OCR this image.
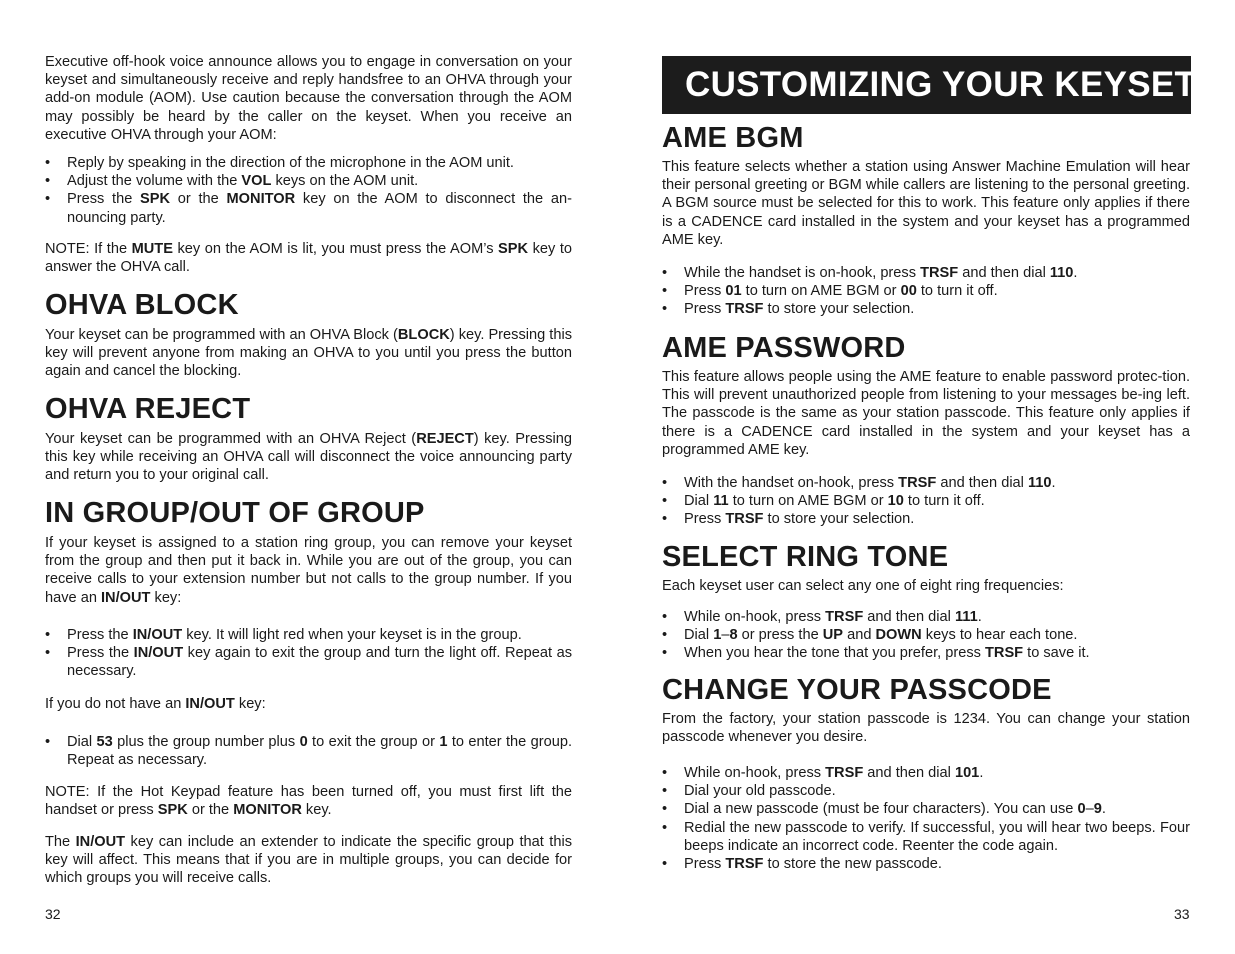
Executive off-hook voice announce allows you to engage in conversation on your keyset and simultaneously receive and reply handsfree to an OHVA through your add-on module (AOM). Use caution because the conversation through the AOM may possibly be heard by the caller on the keyset. When you receive an executive OHVA through your AOM:

• Reply by speaking in the direction of the microphone in the AOM unit.
• Adjust the volume with the VOL keys on the AOM unit.
• Press the SPK or the MONITOR key on the AOM to disconnect the an-nouncing party.

NOTE: If the MUTE key on the AOM is lit, you must press the AOM’s SPK key to answer the OHVA call.

OHVA BLOCK

Your keyset can be programmed with an OHVA Block (BLOCK) key. Pressing this key will prevent anyone from making an OHVA to you until you press the button again and cancel the blocking.

OHVA REJECT

Your keyset can be programmed with an OHVA Reject (REJECT) key. Pressing this key while receiving an OHVA call will disconnect the voice announcing party and return you to your original call.

IN GROUP/OUT OF GROUP

If your keyset is assigned to a station ring group, you can remove your keyset from the group and then put it back in. While you are out of the group, you can receive calls to your extension number but not calls to the group number. If you have an IN/OUT key:

• Press the IN/OUT key. It will light red when your keyset is in the group.
• Press the IN/OUT key again to exit the group and turn the light off. Repeat as necessary.

If you do not have an IN/OUT key:

• Dial 53 plus the group number plus 0 to exit the group or 1 to enter the group. Repeat as necessary.

NOTE: If the Hot Keypad feature has been turned off, you must first lift the handset or press SPK or the MONITOR key.

The IN/OUT key can include an extender to indicate the specific group that this key will affect. This means that if you are in multiple groups, you can decide for which groups you will receive calls.

32
CUSTOMIZING YOUR KEYSET
AME BGM

This feature selects whether a station using Answer Machine Emulation will hear their personal greeting or BGM while callers are listening to the personal greeting. A BGM source must be selected for this to work. This feature only applies if there is a CADENCE card installed in the system and your keyset has a programmed AME key.

• While the handset is on-hook, press TRSF and then dial 110.
• Press 01 to turn on AME BGM or 00 to turn it off.
• Press TRSF to store your selection.
AME PASSWORD

This feature allows people using the AME feature to enable password protec-tion. This will prevent unauthorized people from listening to your messages be-ing left. The passcode is the same as your station passcode. This feature only applies if there is a CADENCE card installed in the system and your keyset has a programmed AME key.

• With the handset on-hook, press TRSF and then dial 110.
• Dial 11 to turn on AME BGM or 10 to turn it off.
• Press TRSF to store your selection.
SELECT RING TONE

Each keyset user can select any one of eight ring frequencies:

• While on-hook, press TRSF and then dial 111.
• Dial 1–8 or press the UP and DOWN keys to hear each tone.
• When you hear the tone that you prefer, press TRSF to save it.
CHANGE YOUR PASSCODE

From the factory, your station passcode is 1234. You can change your station passcode whenever you desire.

• While on-hook, press TRSF and then dial 101.
• Dial your old passcode.
• Dial a new passcode (must be four characters). You can use 0–9.
• Redial the new passcode to verify. If successful, you will hear two beeps. Four beeps indicate an incorrect code. Reenter the code again.
• Press TRSF to store the new passcode.
33
